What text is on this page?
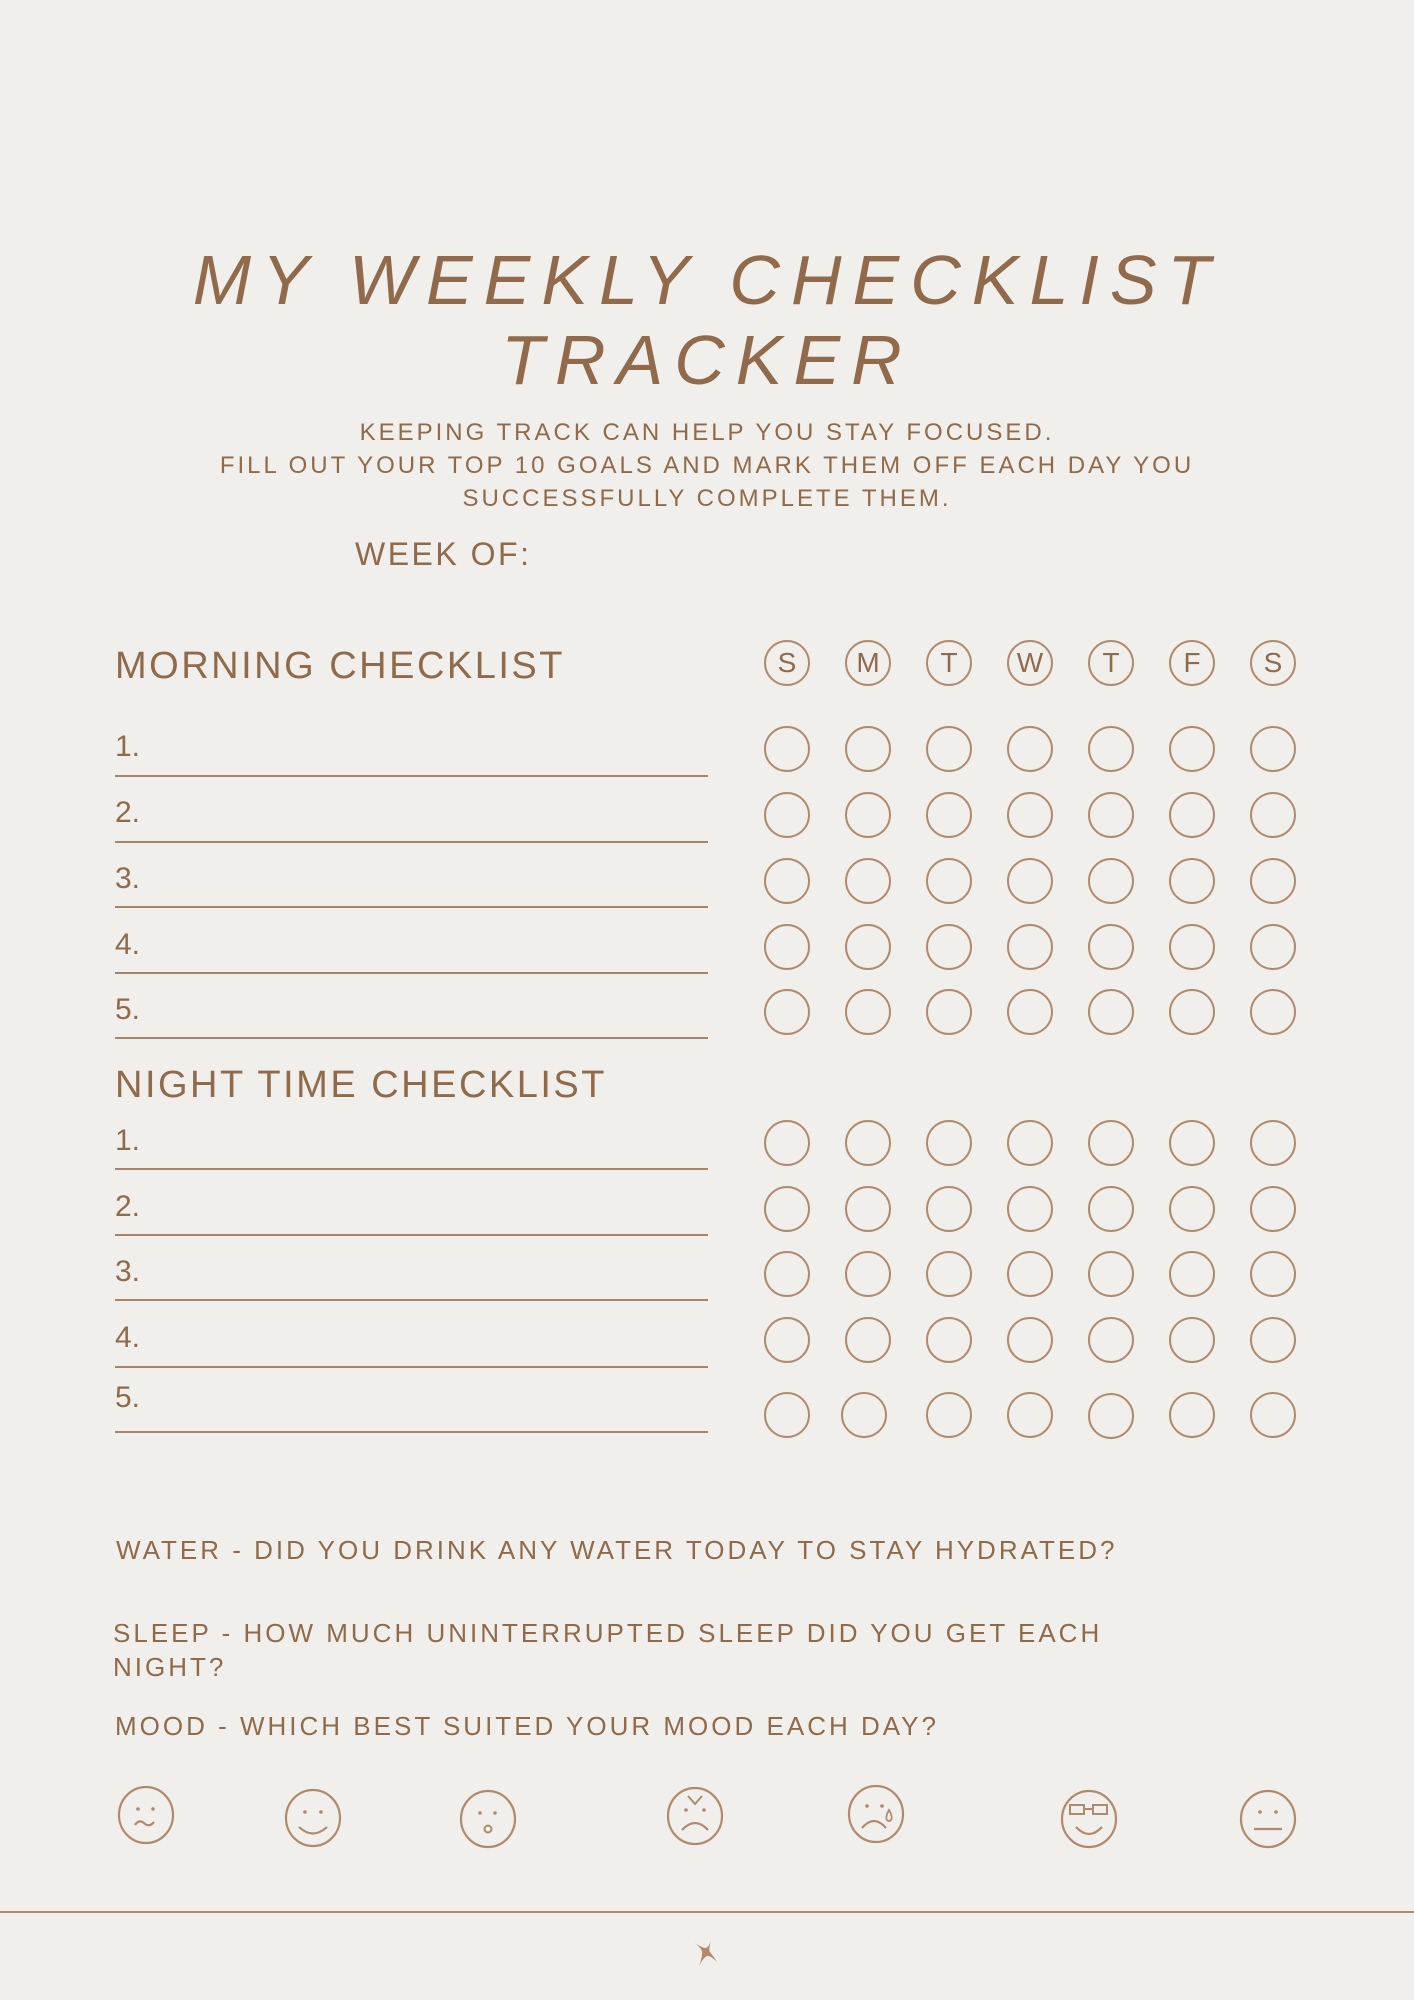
MY WEEKLY CHECKLIST
TRACKER
KEEPING TRACK CAN HELP YOU STAY FOCUSED.
FILL OUT YOUR TOP 10 GOALS AND MARK THEM OFF EACH DAY YOU
SUCCESSFULLY COMPLETE THEM.
WEEK OF:
MORNING CHECKLIST	S	M	T	W	T	F	S
1.
2.
3.
4.
5.
NIGHT TIME CHECKLIST
1.
2.
3.
4.
5.
WATER - DID YOU DRINK ANY WATER TODAY TO STAY HYDRATED?
SLEEP - HOW MUCH UNINTERRUPTED SLEEP DID YOU GET EACH
NIGHT?
MOOD - WHICH BEST SUITED YOUR MOOD EACH DAY?
